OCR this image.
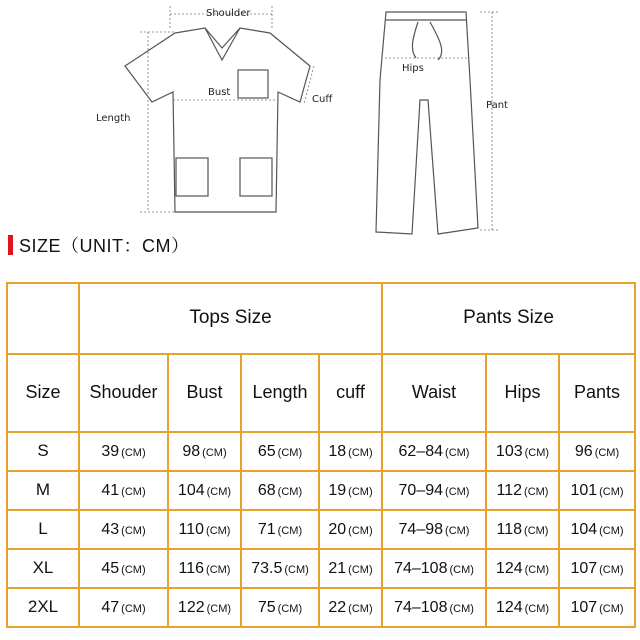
Shoulder
Bust
Cuff
Length
Hips
Pant
SIZE（UNIT：CM）
	Tops Size				Pants Size		
Size	Shouder	Bust	Length	cuff	Waist	Hips	Pants
S	39 (CM)	98 (CM)	65 (CM)	18 (CM)	62–84 (CM)	103 (CM)	96 (CM)
M	41 (CM)	104 (CM)	68 (CM)	19 (CM)	70–94 (CM)	112 (CM)	101 (CM)
L	43 (CM)	110 (CM)	71 (CM)	20 (CM)	74–98 (CM)	118 (CM)	104 (CM)
XL	45 (CM)	116 (CM)	73.5 (CM)	21 (CM)	74–108 (CM)	124 (CM)	107 (CM)
2XL	47 (CM)	122 (CM)	75 (CM)	22 (CM)	74–108 (CM)	124 (CM)	107 (CM)
